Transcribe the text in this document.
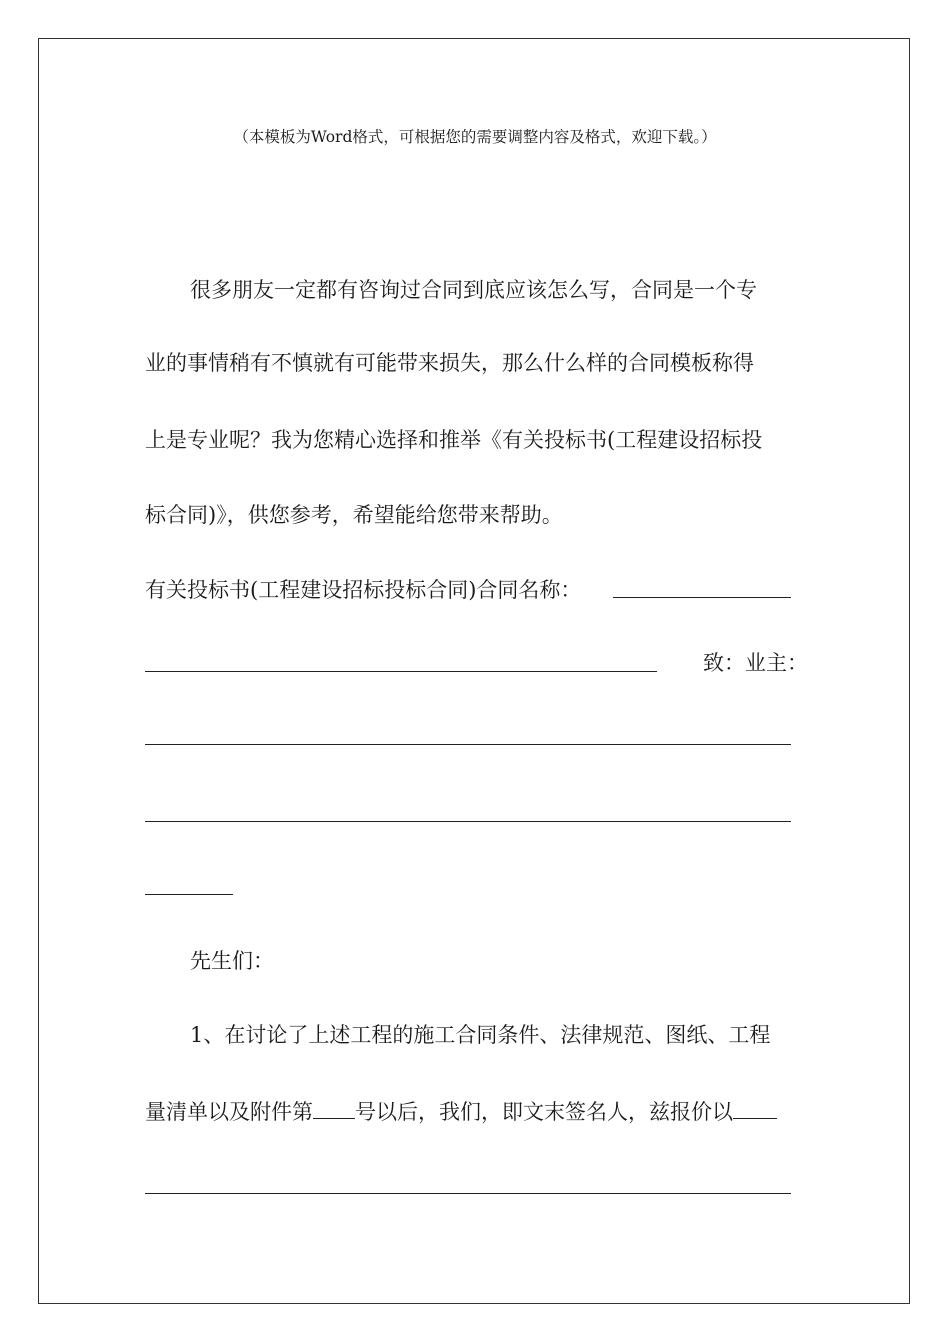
（本模板为Word格式，可根据您的需要调整内容及格式，欢迎下载。）
很多朋友一定都有咨询过合同到底应该怎么写，合同是一个专
业的事情稍有不慎就有可能带来损失，那么什么样的合同模板称得
上是专业呢？我为您精心选择和推举《有关投标书(工程建设招标投
标合同)》，供您参考，希望能给您带来帮助。
有关投标书(工程建设招标投标合同)合同名称：
致：业主：
先生们：
1、在讨论了上述工程的施工合同条件、法律规范、图纸、工程
量清单以及附件第 号以后，我们，即文末签名人，兹报价以
